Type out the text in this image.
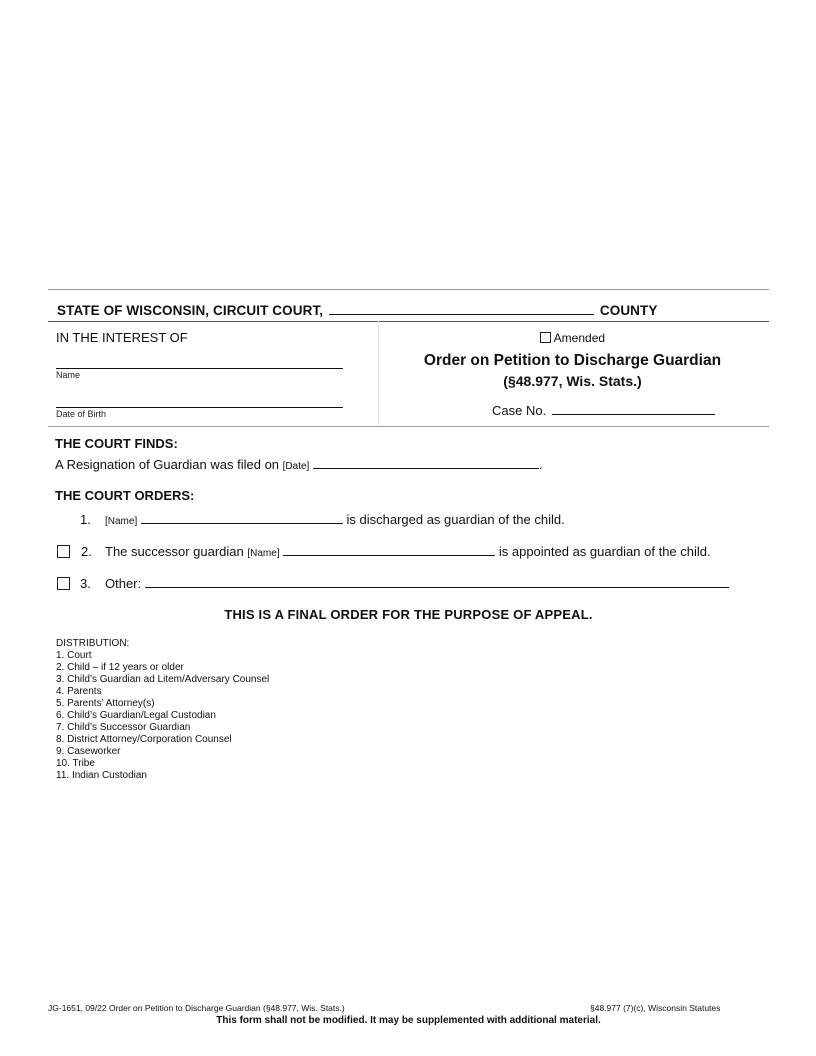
STATE OF WISCONSIN, CIRCUIT COURT,	COUNTY
IN THE INTEREST OF
Name
Date of Birth
Amended
Order on Petition to Discharge Guardian
(§48.977, Wis. Stats.)
Case No.
THE COURT FINDS:
A Resignation of Guardian was filed on [Date]	.
THE COURT ORDERS:
1. [Name]	is discharged as guardian of the child.
2. The successor guardian [Name]	is appointed as guardian of the child.
3. Other:
THIS IS A FINAL ORDER FOR THE PURPOSE OF APPEAL.
DISTRIBUTION:
1. Court
2. Child – if 12 years or older
3. Child’s Guardian ad Litem/Adversary Counsel
4. Parents
5. Parents’ Attorney(s)
6. Child’s Guardian/Legal Custodian
7. Child’s Successor Guardian
8. District Attorney/Corporation Counsel
9. Caseworker
10. Tribe
11. Indian Custodian
JG-1651, 09/22 Order on Petition to Discharge Guardian (§48.977, Wis. Stats.)	§48.977 (7)(c), Wisconsin Statutes
This form shall not be modified. It may be supplemented with additional material.
